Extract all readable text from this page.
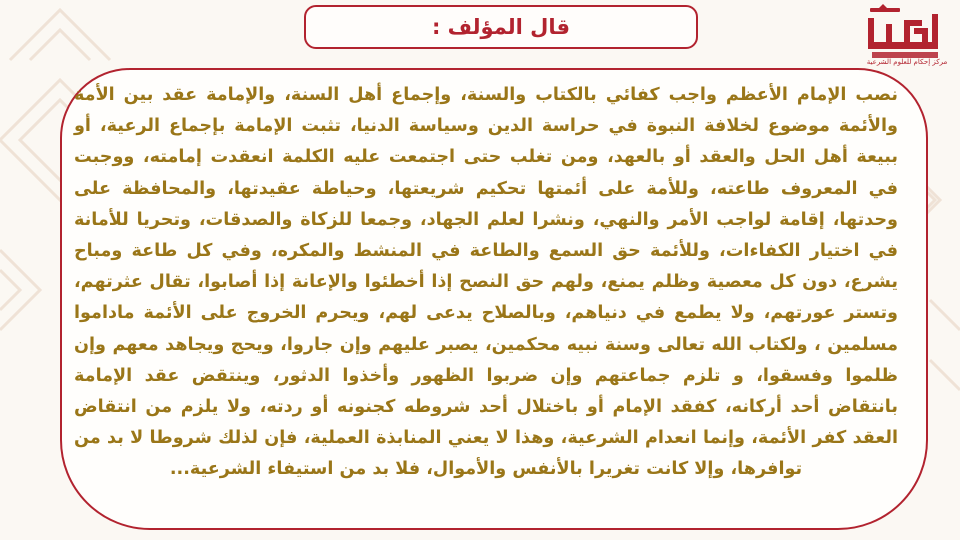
قال المؤلف :
مركز إحكام للعلوم الشرعية
نصب الإمام الأعظم واجب كفائي بالكتاب والسنة، وإجماع أهل السنة، والإمامة عقد بين الأمة والأئمة موضوع لخلافة النبوة في حراسة الدين وسياسة الدنيا، تثبت الإمامة بإجماع الرعية، أو ببيعة أهل الحل والعقد أو بالعهد، ومن تغلب حتى اجتمعت عليه الكلمة انعقدت إمامته، ووجبت في المعروف طاعته، وللأمة على أئمتها تحكيم شريعتها، وحياطة عقيدتها، والمحافظة على وحدتها، إقامة لواجب الأمر والنهي، ونشرا لعلم الجهاد، وجمعا للزكاة والصدقات، وتحريا للأمانة في اختيار الكفاءات، وللأئمة حق السمع والطاعة في المنشط والمكره، وفي كل طاعة ومباح يشرع، دون كل معصية وظلم يمنع، ولهم حق النصح إذا أخطئوا والإعانة إذا أصابوا، تقال عثرتهم، وتستر عورتهم، ولا يطمع في دنياهم، وبالصلاح يدعى لهم، ويحرم الخروج على الأئمة ماداموا مسلمين ، ولكتاب الله تعالى وسنة نبيه محكمين، يصبر عليهم وإن جاروا، ويحج ويجاهد معهم وإن ظلموا وفسقوا، و تلزم جماعتهم وإن ضربوا الظهور وأخذوا الدثور، وينتقض عقد الإمامة بانتقاض أحد أركانه، كفقد الإمام أو باختلال أحد شروطه كجنونه أو ردته، ولا يلزم من انتقاض العقد كفر الأئمة، وإنما انعدام الشرعية، وهذا لا يعني المنابذة العملية، فإن لذلك شروطا لا بد من توافرها، وإلا كانت تغريرا بالأنفس والأموال، فلا بد من استيفاء الشرعية...
